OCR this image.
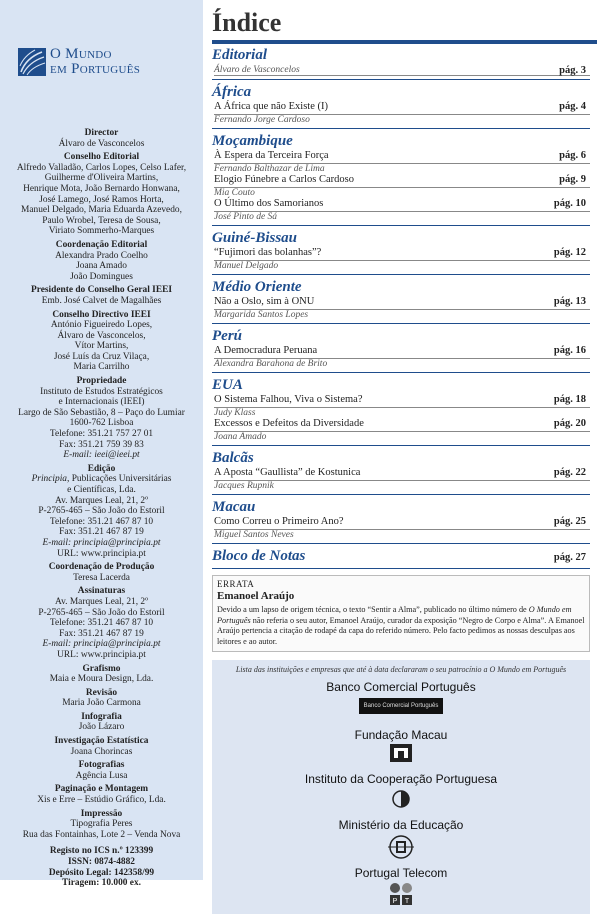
O Mundo
em Português
Director
Álvaro de Vasconcelos
Conselho Editorial
Alfredo Valladão, Carlos Lopes, Celso Lafer,
Guilherme d'Oliveira Martins,
Henrique Mota, João Bernardo Honwana,
José Lamego, José Ramos Horta,
Manuel Delgado, Maria Eduarda Azevedo,
Paulo Wrobel, Teresa de Sousa,
Viriato Sommerho-Marques
Coordenação Editorial
Alexandra Prado Coelho
Joana Amado
João Domingues
Presidente do Conselho Geral IEEI
Emb. José Calvet de Magalhães
Conselho Directivo IEEI
António Figueiredo Lopes,
Álvaro de Vasconcelos,
Vítor Martins,
José Luís da Cruz Vilaça,
Maria Carrilho
Propriedade
Instituto de Estudos Estratégicos
e Internacionais (IEEI)
Largo de São Sebastião, 8 – Paço do Lumiar
1600-762 Lisboa
Telefone: 351.21 757 27 01
Fax: 351.21 759 39 83
E-mail: ieei@ieei.pt
Edição
Principia, Publicações Universitárias

e Científicas, Lda.
Av. Marques Leal, 21, 2º
P-2765-465 – São João do Estoril
Telefone: 351.21 467 87 10
Fax: 351.21 467 87 19
E-mail: principia@principia.pt
URL: www.principia.pt
Coordenação de Produção
Teresa Lacerda
Assinaturas
Av. Marques Leal, 21, 2º
P-2765-465 – São João do Estoril
Telefone: 351.21 467 87 10
Fax: 351.21 467 87 19
E-mail: principia@principia.pt
URL: www.principia.pt
Grafismo
Maia e Moura Design, Lda.
Revisão
Maria João Carmona
Infografia
João Lázaro
Investigação Estatística
Joana Chorincas
Fotografias
Agência Lusa
Paginação e Montagem
Xis e Erre – Estúdio Gráfico, Lda.
Impressão
Tipografia Peres
Rua das Fontainhas, Lote 2 – Venda Nova
Registo no ICS n.º 123399
ISSN: 0874-4882
Depósito Legal: 142358/99
Tiragem: 10.000 ex.
Índice
Editorial
Álvaro de Vasconcelos	pág. 3
África
A África que não Existe (I)
Fernando Jorge Cardoso
pág. 4
Moçambique
À Espera da Terceira Força
Fernando Balthazar de Lima
pág. 6
Elogio Fúnebre a Carlos Cardoso
Mia Couto
pág. 9
O Último dos Samorianos
José Pinto de Sá
pág. 10
Guiné-Bissau
“Fujimori das bolanhas”?
Manuel Delgado
pág. 12
Médio Oriente
Não a Oslo, sim à ONU
Margarida Santos Lopes
pág. 13
Perú
A Democradura Peruana
Alexandra Barahona de Brito
pág. 16
EUA
O Sistema Falhou, Viva o Sistema?
Judy Klass
pág. 18
Excessos e Defeitos da Diversidade
Joana Amado
pág. 20
Balcãs
A Aposta “Gaullista” de Kostunica
Jacques Rupnik
pág. 22
Macau
Como Correu o Primeiro Ano?
Miguel Santos Neves
pág. 25
Bloco de Notas	pág. 27
ERRATA
Emanoel Araújo
Devido a um lapso de origem técnica, o texto “Sentir a Alma”, publicado no último número de O Mundo em Português não referia o seu autor, Emanoel Araújo, curador da exposição “Negro de Corpo e Alma”. A Emanoel Araújo pertencia a citação de rodapé da capa do referido número. Pelo facto pedimos as nossas desculpas aos leitores e ao autor.
Lista das instituições e empresas que até à data declararam o seu patrocínio a O Mundo em Português
Banco Comercial Português
Banco Comercial Português
Fundação Macau
Instituto da Cooperação Portuguesa
Ministério da Educação
Portugal Telecom
P T
